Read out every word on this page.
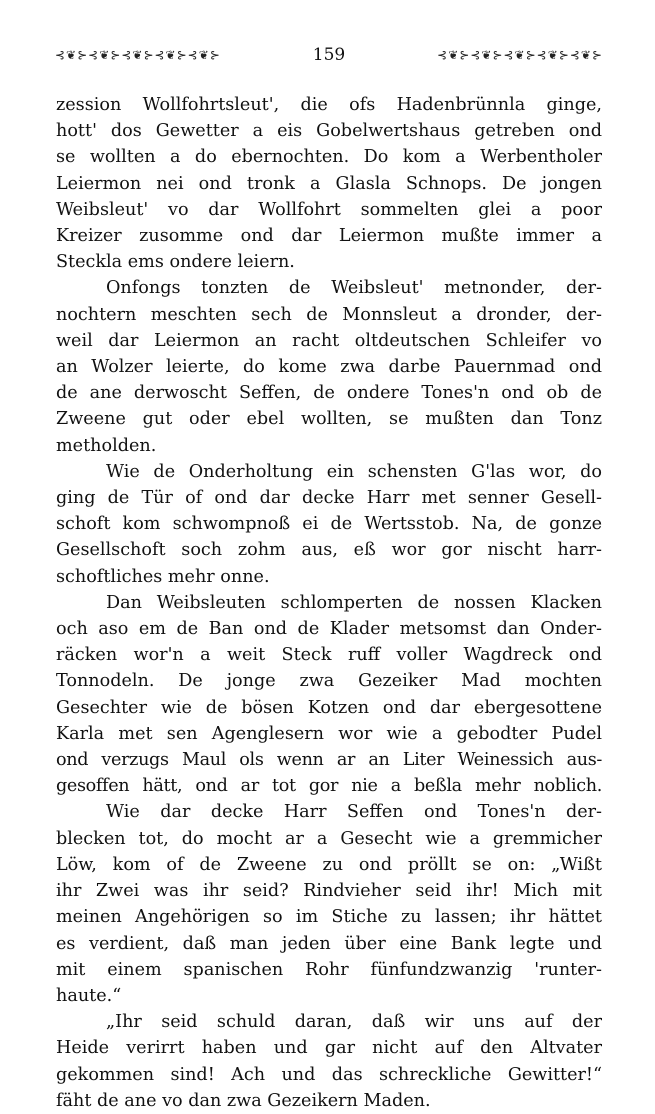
⊰❦⊱⊰❦⊱⊰❦⊱⊰❦⊱⊰❦⊱	159	⊰❦⊱⊰❦⊱⊰❦⊱⊰❦⊱⊰❦⊱
zession Wollfohrtsleut', die ofs Hadenbrünnla ginge,
hott' dos Gewetter a eis Gobelwertshaus getreben ond
se wollten a do ebernochten. Do kom a Werbentholer
Leiermon nei ond tronk a Glasla Schnops. De jongen
Weibsleut' vo dar Wollfohrt sommelten glei a poor
Kreizer zusomme ond dar Leiermon mußte immer a
Steckla ems ondere leiern.
Onfongs tonzten de Weibsleut' metnonder, der-
nochtern meschten sech de Monnsleut a dronder, der-
weil dar Leiermon an racht oltdeutschen Schleifer vo
an Wolzer leierte, do kome zwa darbe Pauernmad ond
de ane derwoscht Seffen, de ondere Tones'n ond ob de
Zweene gut oder ebel wollten, se mußten dan Tonz
metholden.
Wie de Onderholtung ein schensten G'las wor, do
ging de Tür of ond dar decke Harr met senner Gesell-
schoft kom schwompnoß ei de Wertsstob. Na, de gonze
Gesellschoft soch zohm aus, eß wor gor nischt harr-
schoftliches mehr onne.
Dan Weibsleuten schlomperten de nossen Klacken
och aso em de Ban ond de Klader metsomst dan Onder-
räcken wor'n a weit Steck ruff voller Wagdreck ond
Tonnodeln. De jonge zwa Gezeiker Mad mochten
Gesechter wie de bösen Kotzen ond dar ebergesottene
Karla met sen Agenglesern wor wie a gebodter Pudel
ond verzugs Maul ols wenn ar an Liter Weinessich aus-
gesoffen hätt, ond ar tot gor nie a beßla mehr noblich.
Wie dar decke Harr Seffen ond Tones'n der-
blecken tot, do mocht ar a Gesecht wie a gremmicher
Löw, kom of de Zweene zu ond pröllt se on: „Wißt
ihr Zwei was ihr seid? Rindvieher seid ihr! Mich mit
meinen Angehörigen so im Stiche zu lassen; ihr hättet
es verdient, daß man jeden über eine Bank legte und
mit einem spanischen Rohr fünfundzwanzig 'runter-
haute.“
„Ihr seid schuld daran, daß wir uns auf der
Heide verirrt haben und gar nicht auf den Altvater
gekommen sind! Ach und das schreckliche Gewitter!“
fäht de ane vo dan zwa Gezeikern Maden.
